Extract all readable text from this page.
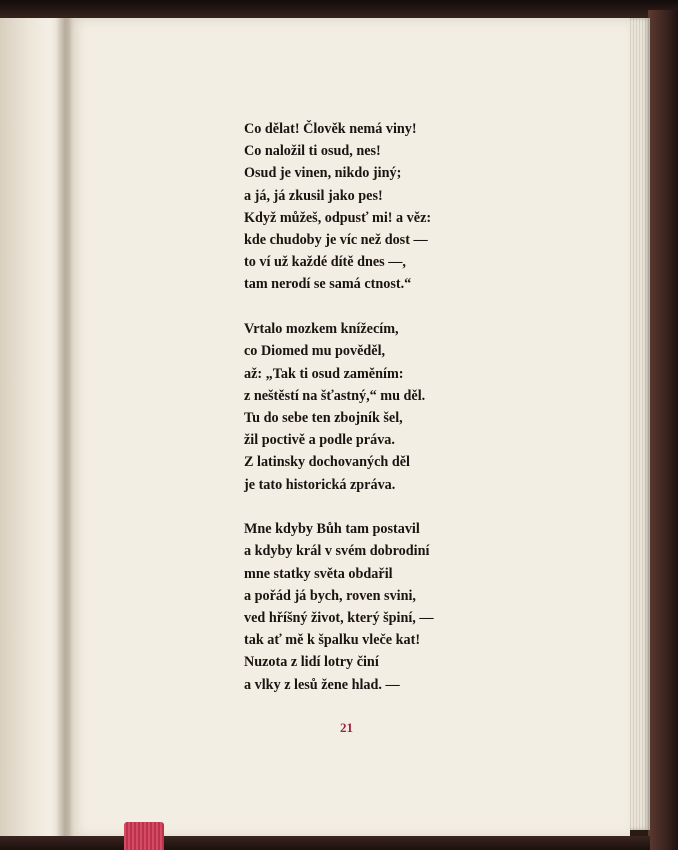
Co dělat! Člověk nemá viny!
Co naložil ti osud, nes!
Osud je vinen, nikdo jiný;
a já, já zkusil jako pes!
Když můžeš, odpusť mi! a věz:
kde chudoby je víc než dost —
to ví už každé dítě dnes —,
tam nerodí se samá ctnost.“
Vrtalo mozkem knížecím,
co Diomed mu pověděl,
až: „Tak ti osud zaměním:
z neštěstí na šťastný,“ mu děl.
Tu do sebe ten zbojník šel,
žil poctivě a podle práva.
Z latinsky dochovaných děl
je tato historická zpráva.
Mne kdyby Bůh tam postavil
a kdyby král v svém dobrodiní
mne statky světa obdařil
a pořád já bych, roven svini,
ved hříšný život, který špiní, —
tak ať mě k špalku vleče kat!
Nuzota z lidí lotry činí
a vlky z lesů žene hlad. —
21
